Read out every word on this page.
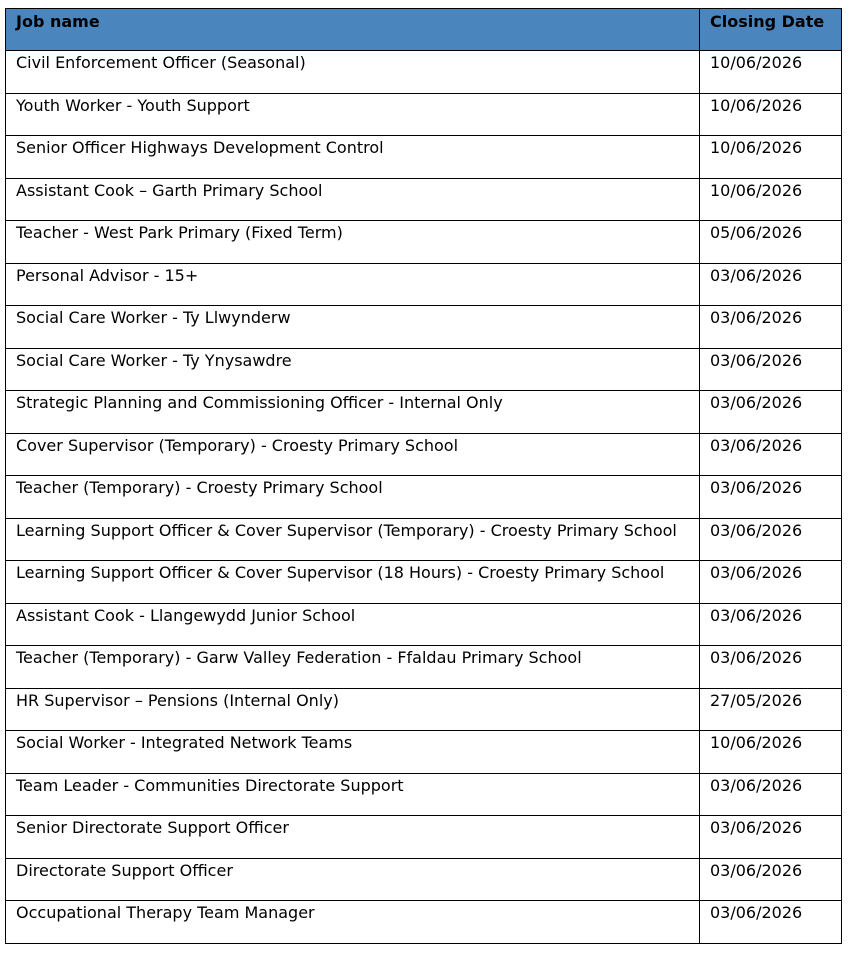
Job name	Closing Date
Civil Enforcement Officer (Seasonal)	10/06/2026
Youth Worker - Youth Support	10/06/2026
Senior Officer Highways Development Control	10/06/2026
Assistant Cook – Garth Primary School	10/06/2026
Teacher - West Park Primary (Fixed Term)	05/06/2026
Personal Advisor - 15+	03/06/2026
Social Care Worker - Ty Llwynderw	03/06/2026
Social Care Worker - Ty Ynysawdre	03/06/2026
Strategic Planning and Commissioning Officer - Internal Only	03/06/2026
Cover Supervisor (Temporary) - Croesty Primary School	03/06/2026
Teacher (Temporary) - Croesty Primary School	03/06/2026
Learning Support Officer & Cover Supervisor (Temporary) - Croesty Primary School	03/06/2026
Learning Support Officer & Cover Supervisor (18 Hours) - Croesty Primary School	03/06/2026
Assistant Cook - Llangewydd Junior School	03/06/2026
Teacher (Temporary) - Garw Valley Federation - Ffaldau Primary School	03/06/2026
HR Supervisor – Pensions (Internal Only)	27/05/2026
Social Worker - Integrated Network Teams	10/06/2026
Team Leader - Communities Directorate Support	03/06/2026
Senior Directorate Support Officer	03/06/2026
Directorate Support Officer	03/06/2026
Occupational Therapy Team Manager	03/06/2026
